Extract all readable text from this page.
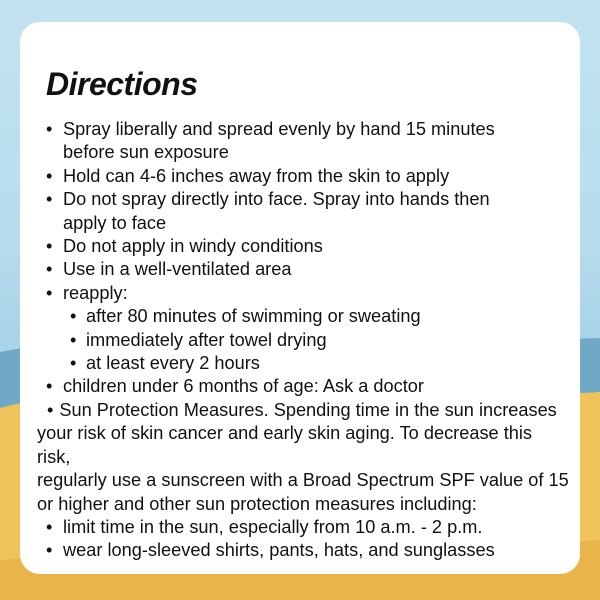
Directions
• Spray liberally and spread evenly by hand 15 minutes
before sun exposure
• Hold can 4-6 inches away from the skin to apply
• Do not spray directly into face. Spray into hands then
apply to face
• Do not apply in windy conditions
• Use in a well-ventilated area
• reapply:
• after 80 minutes of swimming or sweating
• immediately after towel drying
• at least every 2 hours
• children under 6 months of age: Ask a doctor
• Sun Protection Measures. Spending time in the sun increases
your risk of skin cancer and early skin aging. To decrease this risk,
regularly use a sunscreen with a Broad Spectrum SPF value of 15
or higher and other sun protection measures including:
• limit time in the sun, especially from 10 a.m. - 2 p.m.
• wear long-sleeved shirts, pants, hats, and sunglasses
